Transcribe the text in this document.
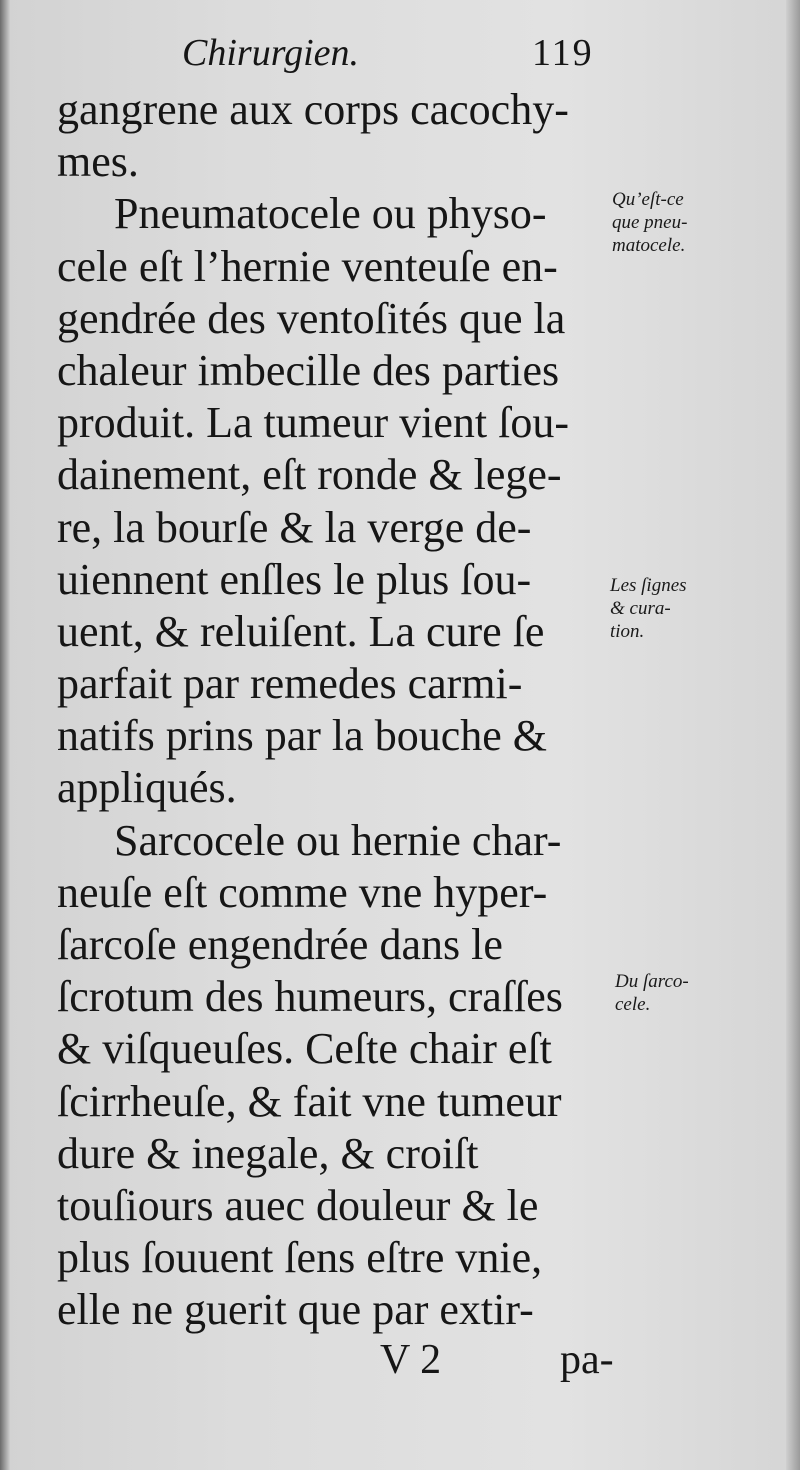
Chirurgien.	119
gangrene aux corps cacochy-
mes.
Pneumatocele ou physo-
cele eſt l’hernie venteuſe en-
gendrée des ventoſités que la
chaleur imbecille des parties
produit. La tumeur vient ſou-
dainement, eſt ronde & lege-
re, la bourſe & la verge de-
uiennent enſles le plus ſou-
uent, & reluiſent. La cure ſe
parfait par remedes carmi-
natifs prins par la bouche &
appliqués.
Sarcocele ou hernie char-
neuſe eſt comme vne hyper-
ſarcoſe engendrée dans le
ſcrotum des humeurs, craſſes
& viſqueuſes. Ceſte chair eſt
ſcirrheuſe, & fait vne tumeur
dure & inegale, & croiſt
touſiours auec douleur & le
plus ſouuent ſens eſtre vnie,
elle ne guerit que par extir-
Qu’eſt-ce
que pneu-
matocele.
Les ſignes
& cura-
tion.
Du ſarco-
cele.
V 2	pa-
